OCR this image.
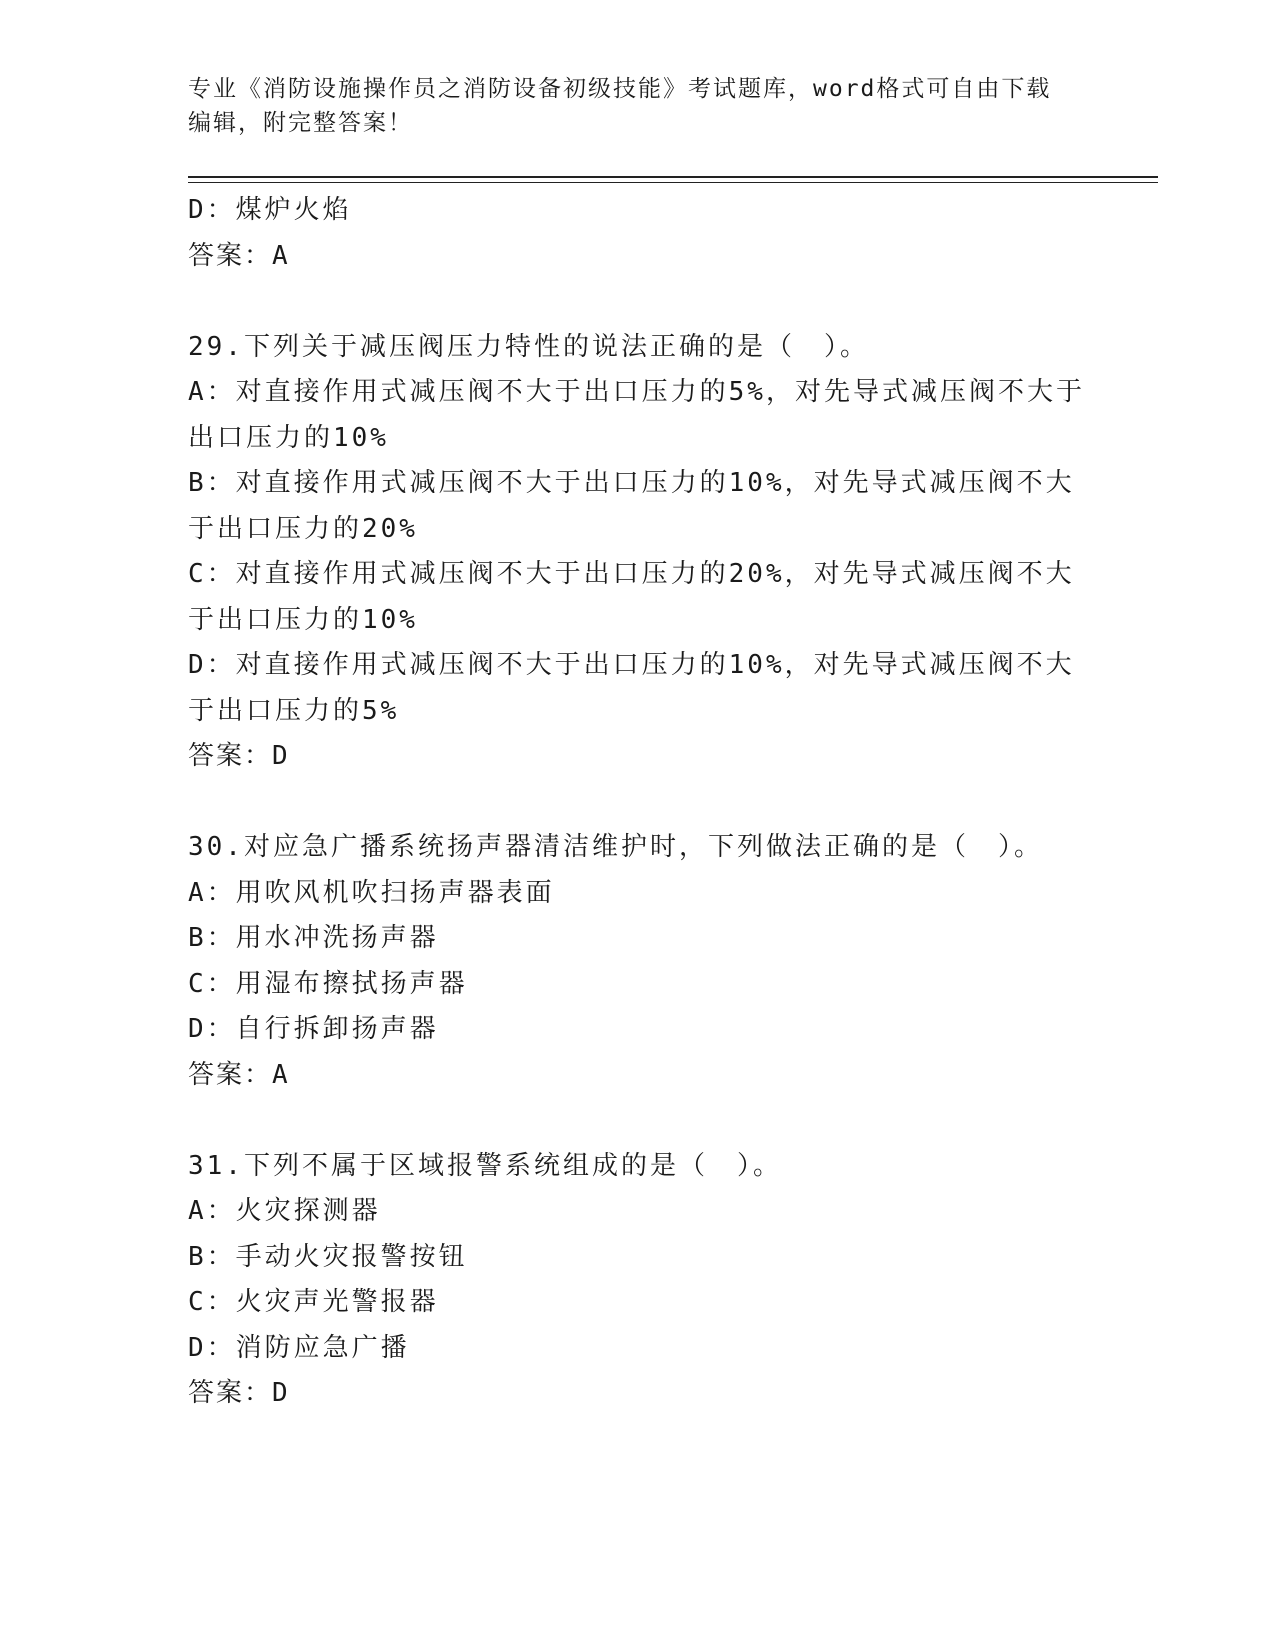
专业《消防设施操作员之消防设备初级技能》考试题库，word格式可自由下载编辑，附完整答案！
D：煤炉火焰
答案：A
29.下列关于减压阀压力特性的说法正确的是（　）。
A：对直接作用式减压阀不大于出口压力的5%，对先导式减压阀不大于出口压力的10%
B：对直接作用式减压阀不大于出口压力的10%，对先导式减压阀不大于出口压力的20%
C：对直接作用式减压阀不大于出口压力的20%，对先导式减压阀不大于出口压力的10%
D：对直接作用式减压阀不大于出口压力的10%，对先导式减压阀不大于出口压力的5%
答案：D
30.对应急广播系统扬声器清洁维护时，下列做法正确的是（　）。
A：用吹风机吹扫扬声器表面
B：用水冲洗扬声器
C：用湿布擦拭扬声器
D：自行拆卸扬声器
答案：A
31.下列不属于区域报警系统组成的是（　）。
A：火灾探测器
B：手动火灾报警按钮
C：火灾声光警报器
D：消防应急广播
答案：D
